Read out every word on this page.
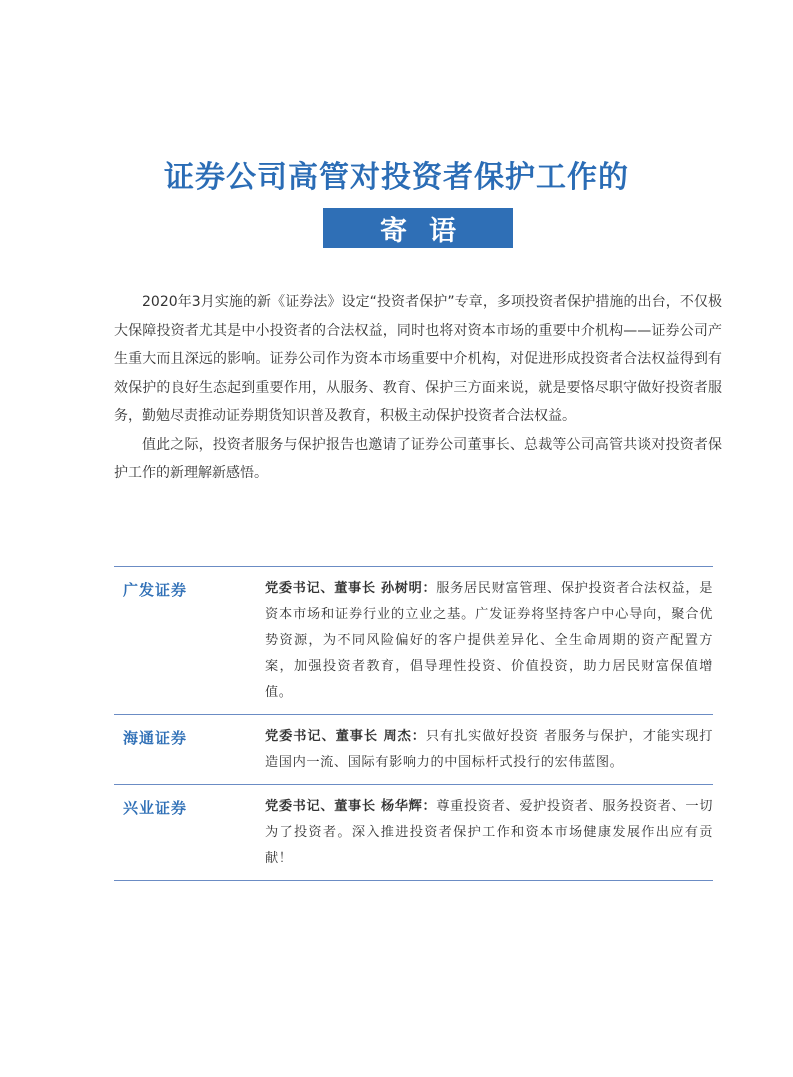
证券公司高管对投资者保护工作的
寄语

2020年3月实施的新《证券法》设定“投资者保护”专章，多项投资者保护措施的出台，不仅极大保障投资者尤其是中小投资者的合法权益，同时也将对资本市场的重要中介机构——证券公司产生重大而且深远的影响。证券公司作为资本市场重要中介机构，对促进形成投资者合法权益得到有效保护的良好生态起到重要作用，从服务、教育、保护三方面来说，就是要恪尽职守做好投资者服务，勤勉尽责推动证券期货知识普及教育，积极主动保护投资者合法权益。

值此之际，投资者服务与保护报告也邀请了证券公司董事长、总裁等公司高管共谈对投资者保护工作的新理解新感悟。

广发证券	党委书记、董事长 孙树明：服务居民财富管理、保护投资者合法权益，是资本市场和证券行业的立业之基。广发证券将坚持客户中心导向，聚合优势资源，为不同风险偏好的客户提供差异化、全生命周期的资产配置方案，加强投资者教育，倡导理性投资、价值投资，助力居民财富保值增值。
海通证券	党委书记、董事长 周杰：只有扎实做好投资 者服务与保护，才能实现打造国内一流、国际有影响力的中国标杆式投行的宏伟蓝图。
兴业证券	党委书记、董事长 杨华辉：尊重投资者、爱护投资者、服务投资者、一切为了投资者。深入推进投资者保护工作和资本市场健康发展作出应有贡献！
